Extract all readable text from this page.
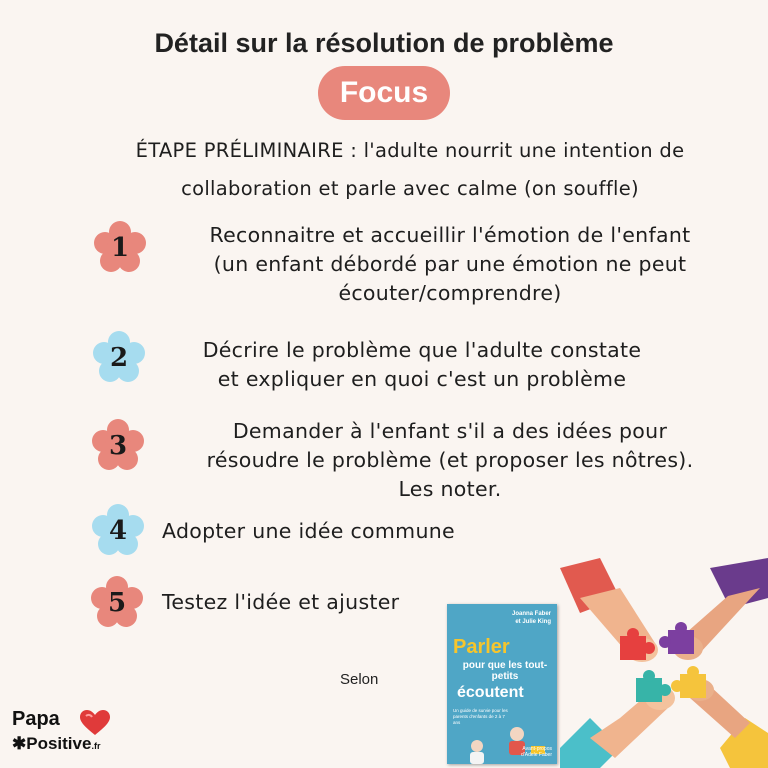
Détail sur la résolution de problème
Focus
ÉTAPE PRÉLIMINAIRE : l'adulte nourrit une intention de
collaboration et parle avec calme (on souffle)
1	Reconnaitre et accueillir l'émotion de l'enfant
(un enfant débordé par une émotion ne peut
écouter/comprendre)
2	Décrire le problème que l'adulte constate
et expliquer en quoi c'est un problème
3	Demander à l'enfant s'il a des idées pour
résoudre le problème (et proposer les nôtres).
Les noter.
4	Adopter une idée commune
5	Testez l'idée et ajuster
Selon
Joanna Faber
et Julie King
Parler
pour que les tout-petits
écoutent
Un guide de survie pour les parents d'enfants de 2 à 7 ans
Avant-propos d'Adele Faber
Papa
✱Positive.fr
